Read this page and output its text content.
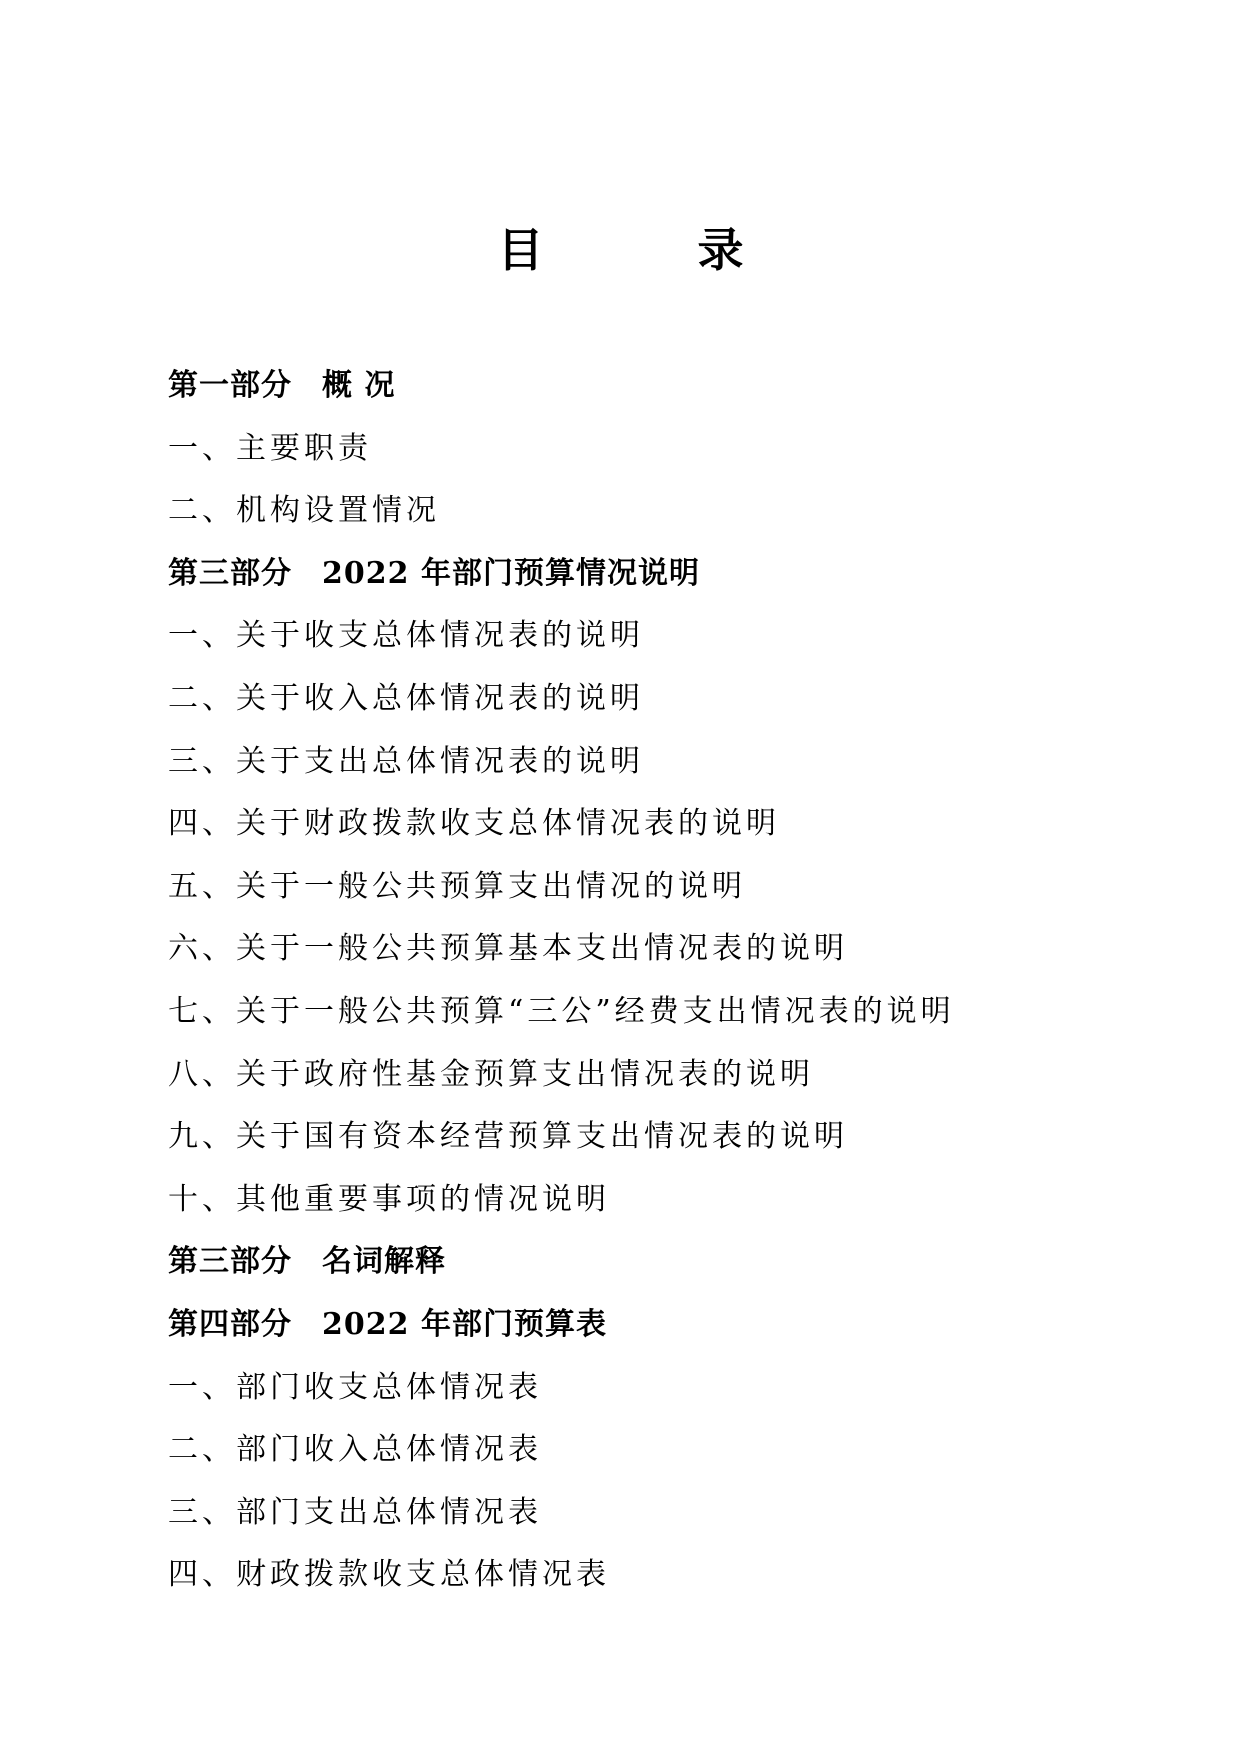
目　录
第一部分 概 况
一、主要职责
二、机构设置情况
第三部分 2022 年部门预算情况说明
一、关于收支总体情况表的说明
二、关于收入总体情况表的说明
三、关于支出总体情况表的说明
四、关于财政拨款收支总体情况表的说明
五、关于一般公共预算支出情况的说明
六、关于一般公共预算基本支出情况表的说明
七、关于一般公共预算“三公”经费支出情况表的说明
八、关于政府性基金预算支出情况表的说明
九、关于国有资本经营预算支出情况表的说明
十、其他重要事项的情况说明
第三部分 名词解释
第四部分 2022 年部门预算表
一、部门收支总体情况表
二、部门收入总体情况表
三、部门支出总体情况表
四、财政拨款收支总体情况表
